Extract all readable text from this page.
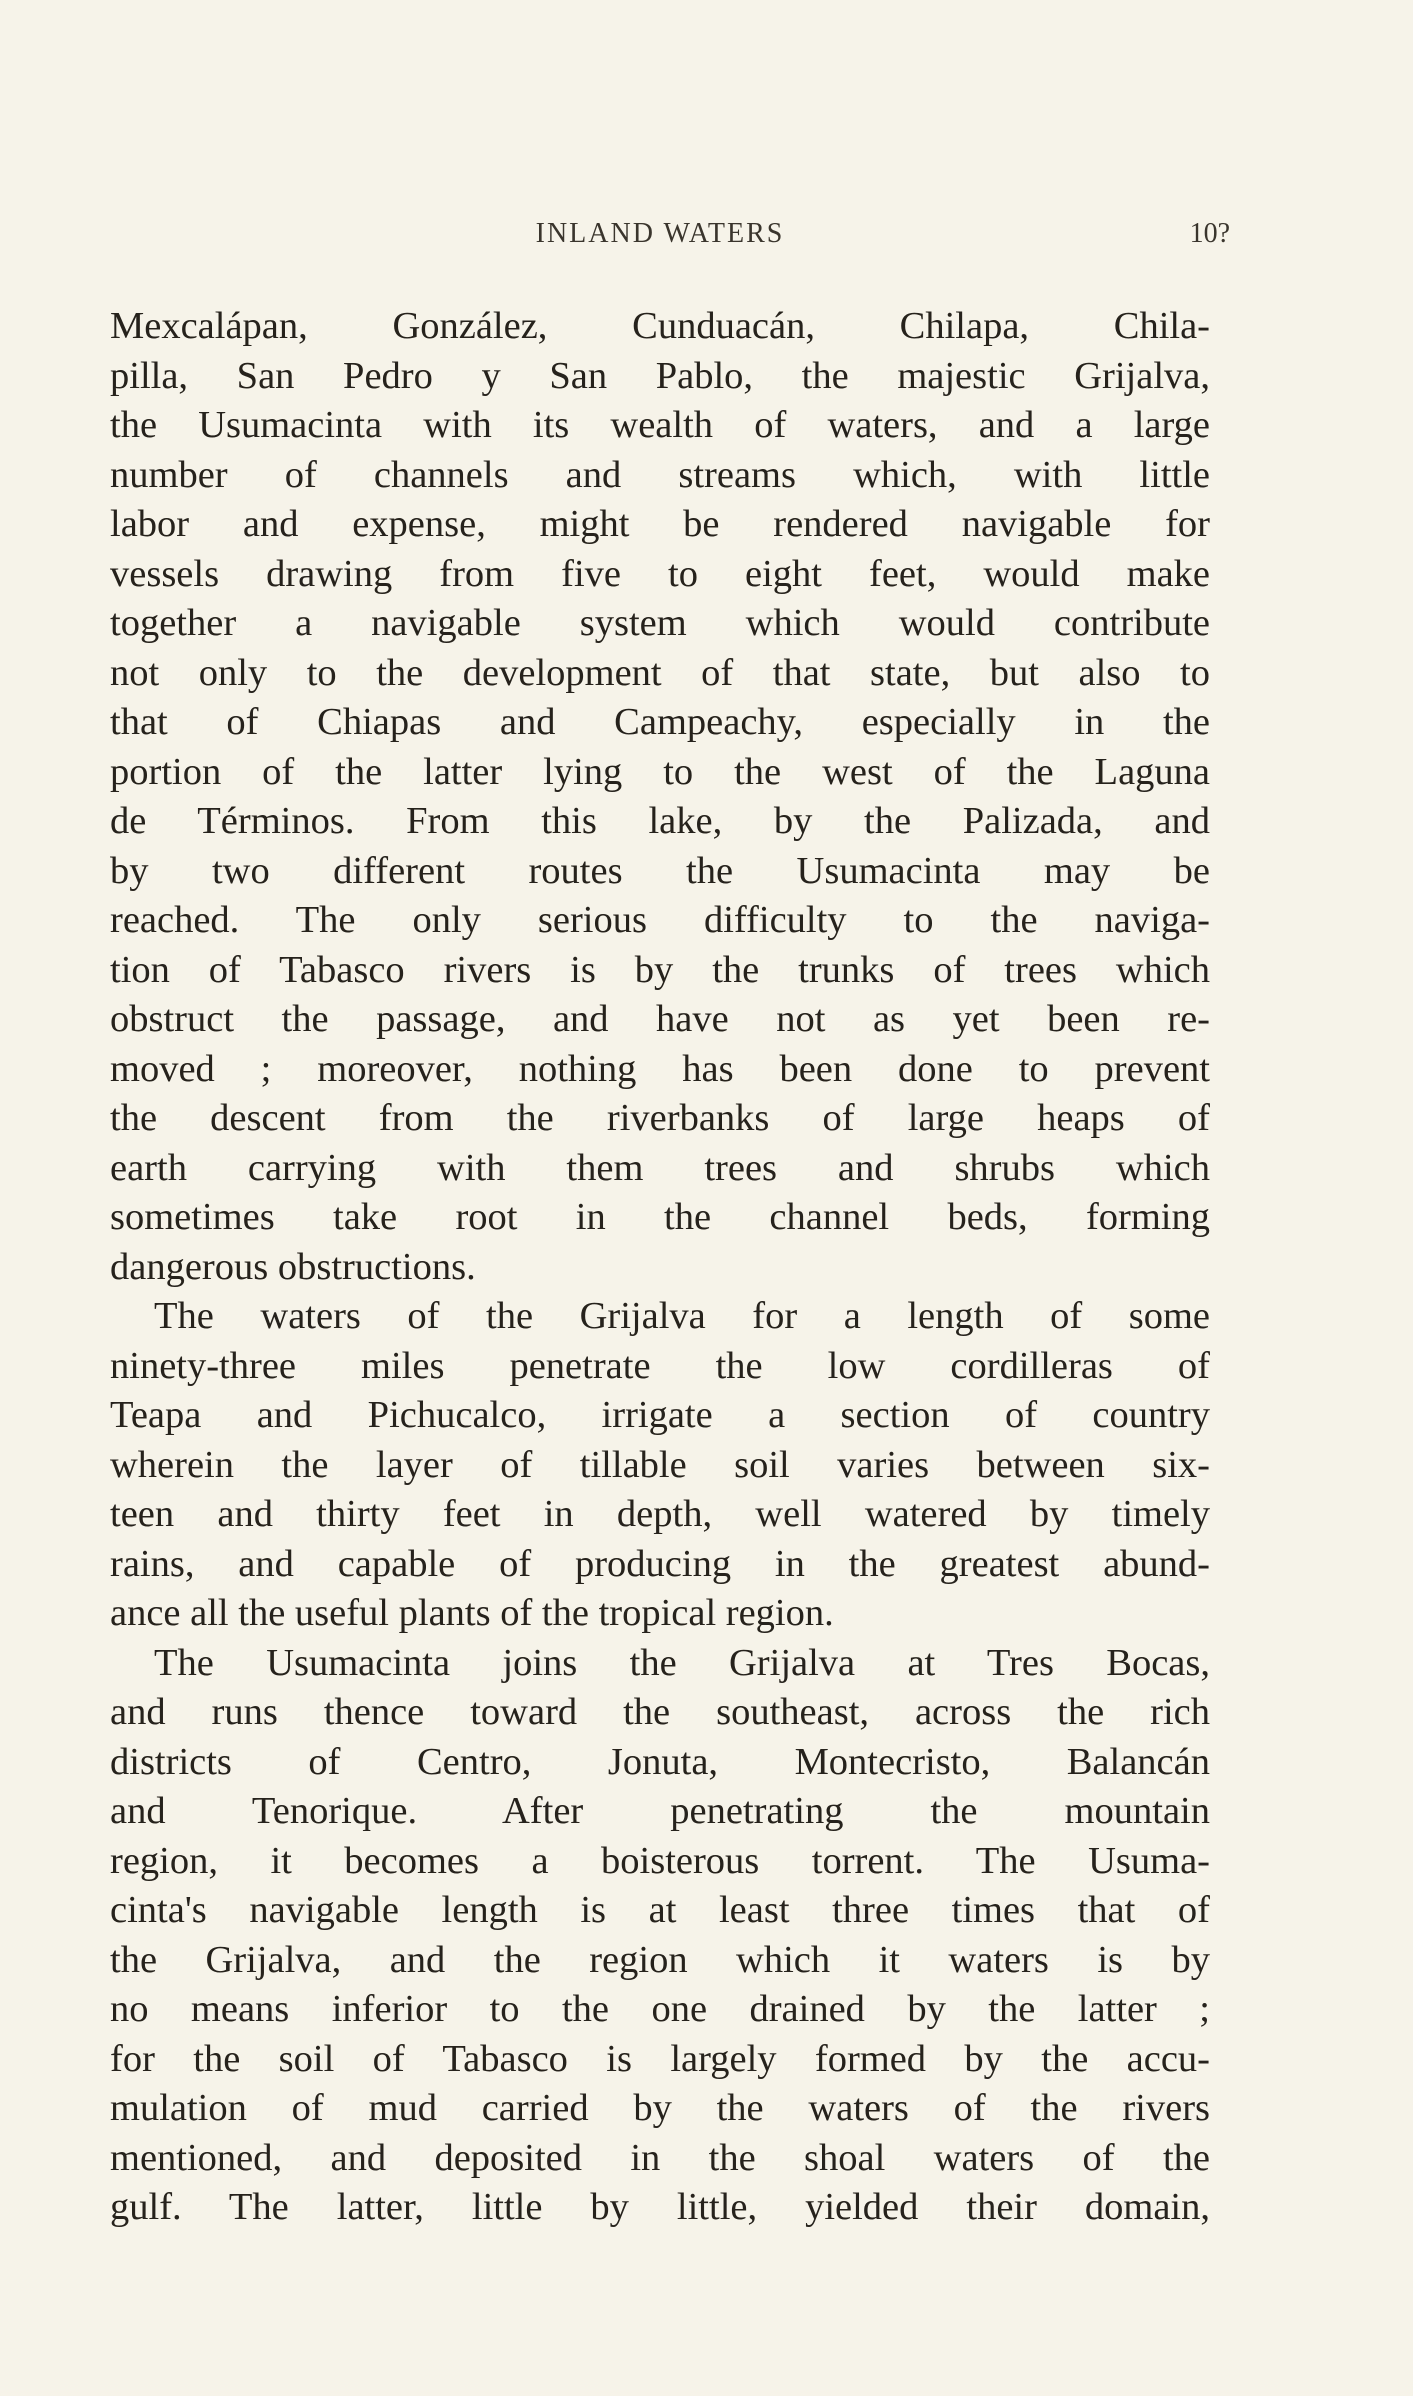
INLAND WATERS	10?
Mexcalápan, González, Cunduacán, Chilapa, Chila-
pilla, San Pedro y San Pablo, the majestic Grijalva,
the Usumacinta with its wealth of waters, and a large
number of channels and streams which, with little
labor and expense, might be rendered navigable for
vessels drawing from five to eight feet, would make
together a navigable system which would contribute
not only to the development of that state, but also to
that of Chiapas and Campeachy, especially in the
portion of the latter lying to the west of the Laguna
de Términos. From this lake, by the Palizada, and
by two different routes the Usumacinta may be
reached. The only serious difficulty to the naviga-
tion of Tabasco rivers is by the trunks of trees which
obstruct the passage, and have not as yet been re-
moved ; moreover, nothing has been done to prevent
the descent from the riverbanks of large heaps of
earth carrying with them trees and shrubs which
sometimes take root in the channel beds, forming
dangerous obstructions.
The waters of the Grijalva for a length of some
ninety-three miles penetrate the low cordilleras of
Teapa and Pichucalco, irrigate a section of country
wherein the layer of tillable soil varies between six-
teen and thirty feet in depth, well watered by timely
rains, and capable of producing in the greatest abund-
ance all the useful plants of the tropical region.
The Usumacinta joins the Grijalva at Tres Bocas,
and runs thence toward the southeast, across the rich
districts of Centro, Jonuta, Montecristo, Balancán
and Tenorique. After penetrating the mountain
region, it becomes a boisterous torrent. The Usuma-
cinta's navigable length is at least three times that of
the Grijalva, and the region which it waters is by
no means inferior to the one drained by the latter ;
for the soil of Tabasco is largely formed by the accu-
mulation of mud carried by the waters of the rivers
mentioned, and deposited in the shoal waters of the
gulf. The latter, little by little, yielded their domain,
